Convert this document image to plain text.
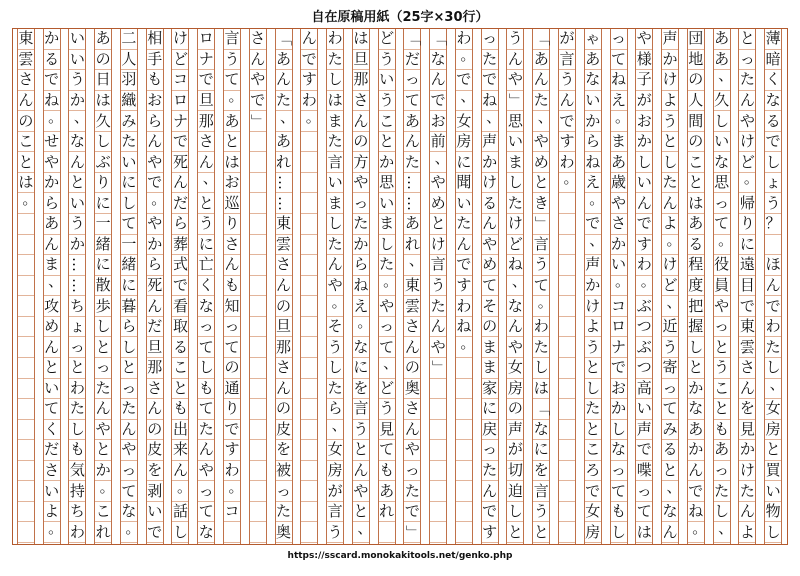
自在原稿用紙（25字×30行）
薄
暗
く
な
る
で
し
ょ
う
？
ほ
ん
で
わ
た
し
、
女
房
と
買
い
物
し
と
っ
た
ん
や
け
ど
。
帰
り
に
遠
目
で
東
雲
さ
ん
を
見
か
け
た
ん
よ
あ
あ
、
久
し
い
な
思
っ
て
。
役
員
や
っ
と
う
こ
と
も
あ
っ
た
し
、
団
地
の
人
間
の
こ
と
は
あ
る
程
度
把
握
し
と
か
な
あ
か
ん
で
ね
。
声
か
け
よ
う
と
し
た
ん
よ
。
け
ど
、
近
う
寄
っ
て
み
る
と
、
な
ん
や
様
子
が
お
か
し
い
ん
で
す
わ
。
ぶ
つ
ぶ
つ
高
い
声
で
喋
っ
て
は
っ
て
ね
え
。
ま
あ
歳
や
さ
か
い
。
コ
ロ
ナ
で
お
か
し
な
っ
て
も
し
ゃ
あ
な
い
か
ら
ね
え
。
で
、
声
か
け
よ
う
と
し
た
と
こ
ろ
で
女
房
が
言
う
ん
で
す
わ
。
「
あ
ん
た
、
や
め
と
き
」
言
う
て
。
わ
た
し
は
「
な
に
を
言
う
と
う
ん
や
」
思
い
ま
し
た
け
ど
ね
、
な
ん
や
女
房
の
声
が
切
迫
し
と
っ
た
で
ね
、
声
か
け
る
ん
や
め
て
そ
の
ま
ま
家
に
戻
っ
た
ん
で
す
わ
。
で
、
女
房
に
聞
い
た
ん
で
す
わ
ね
。
「
な
ん
で
お
前
、
や
め
と
け
言
う
た
ん
や
」
「
だ
っ
て
あ
ん
た
…
…
あ
れ
、
東
雲
さ
ん
の
奥
さ
ん
や
っ
た
で
」
ど
う
い
う
こ
と
か
思
い
ま
し
た
。
や
っ
て
、
ど
う
見
て
も
あ
れ
は
旦
那
さ
ん
の
方
や
っ
た
か
ら
ね
え
。
な
に
を
言
う
と
ん
や
と
、
わ
た
し
は
ま
た
言
い
ま
し
た
ん
や
。
そ
う
し
た
ら
、
女
房
が
言
う
ん
で
す
わ
。
「
あ
ん
た
、
あ
れ
…
…
東
雲
さ
ん
の
旦
那
さ
ん
の
皮
を
被
っ
た
奥
さ
ん
や
で
」
言
う
て
。
あ
と
は
お
巡
り
さ
ん
も
知
っ
て
の
通
り
で
す
わ
。
コ
ロ
ナ
で
旦
那
さ
ん
、
と
う
に
亡
く
な
っ
て
し
も
て
た
ん
や
っ
て
な
け
ど
コ
ロ
ナ
で
死
ん
だ
ら
葬
式
で
看
取
る
こ
と
も
出
来
ん
。
話
し
相
手
も
お
ら
ん
や
で
。
や
か
ら
死
ん
だ
旦
那
さ
ん
の
皮
を
剥
い
で
二
人
羽
織
み
た
い
に
し
て
一
緒
に
暮
ら
し
と
っ
た
ん
や
っ
て
な
。
あ
の
日
は
久
し
ぶ
り
に
一
緒
に
散
歩
し
と
っ
た
ん
や
と
か
。
こ
れ
い
い
う
か
、
な
ん
と
い
う
か
…
…
ち
ょ
っ
と
わ
た
し
も
気
持
ち
わ
か
る
で
ね
。
せ
や
か
ら
あ
ん
ま
、
攻
め
ん
と
い
て
く
だ
さ
い
よ
。
東
雲
さ
ん
の
こ
と
は
。
https://sscard.monokakitools.net/genko.php
